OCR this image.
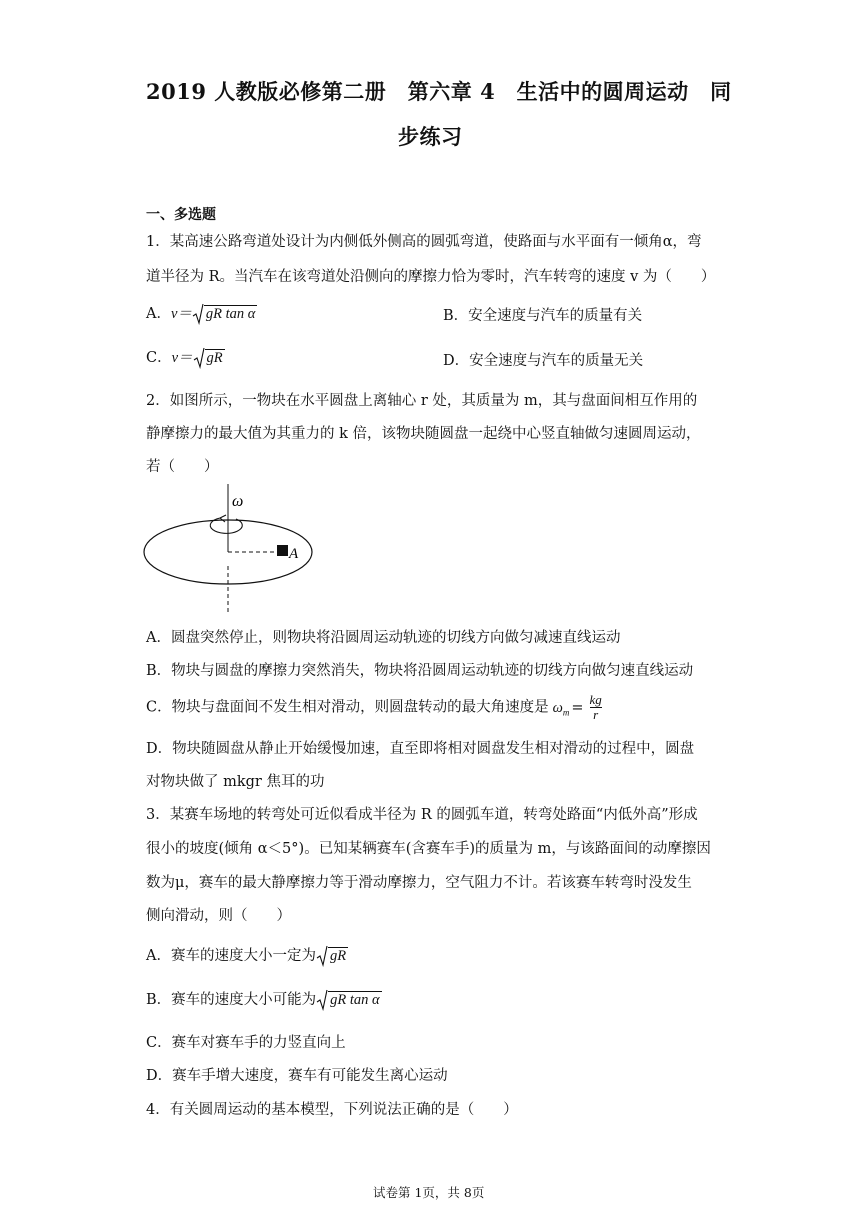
2019 人教版必修第二册　第六章 4　生活中的圆周运动　同
步练习
一、多选题
1．某高速公路弯道处设计为内侧低外侧高的圆弧弯道，使路面与水平面有一倾角α，弯
道半径为 R。当汽车在该弯道处沿侧向的摩擦力恰为零时，汽车转弯的速度 v 为（　　）
A．v＝ gR tan α	B．安全速度与汽车的质量有关
C．v＝ gR	D．安全速度与汽车的质量无关
2．如图所示，一物块在水平圆盘上离轴心 r 处，其质量为 m，其与盘面间相互作用的
静摩擦力的最大值为其重力的 k 倍，该物块随圆盘一起绕中心竖直轴做匀速圆周运动，
若（　　）
ω
A
A．圆盘突然停止，则物块将沿圆周运动轨迹的切线方向做匀减速直线运动
B．物块与圆盘的摩擦力突然消失，物块将沿圆周运动轨迹的切线方向做匀速直线运动
C．物块与盘面间不发生相对滑动，则圆盘转动的最大角速度是 $\omega_m = \frac{kg}{r}$
D．物块随圆盘从静止开始缓慢加速，直至即将相对圆盘发生相对滑动的过程中，圆盘
对物块做了 mkgr 焦耳的功
3．某赛车场地的转弯处可近似看成半径为 R 的圆弧车道，转弯处路面“内低外高”形成
很小的坡度(倾角 α＜5°)。已知某辆赛车(含赛车手)的质量为 m，与该路面间的动摩擦因
数为μ，赛车的最大静摩擦力等于滑动摩擦力，空气阻力不计。若该赛车转弯时没发生
侧向滑动，则（　　）
A．赛车的速度大小一定为 gR
B．赛车的速度大小可能为 gR tan α
C．赛车对赛车手的力竖直向上
D．赛车手增大速度，赛车有可能发生离心运动
4．有关圆周运动的基本模型，下列说法正确的是（　　）
试卷第 1页，共 8页
